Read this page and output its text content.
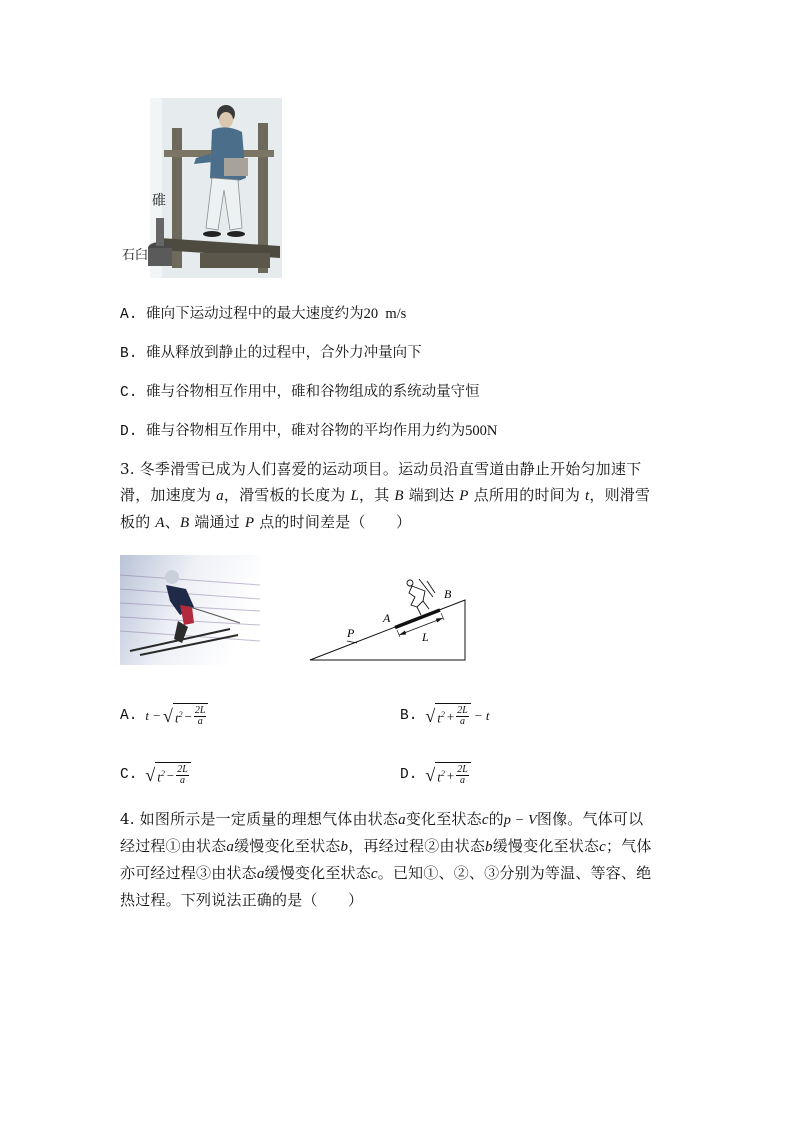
碓
石臼
A. 碓向下运动过程中的最大速度约为20  m/s
B. 碓从释放到静止的过程中，合外力冲量向下
C. 碓与谷物相互作用中，碓和谷物组成的系统动量守恒
D. 碓与谷物相互作用中，碓对谷物的平均作用力约为500N
3. 冬季滑雪已成为人们喜爱的运动项目。运动员沿直雪道由静止开始匀加速下
滑，加速度为 a，滑雪板的长度为 L，其 B 端到达 P 点所用的时间为 t，则滑雪
板的 A、B 端通过 P 点的时间差是（　　）
A
B
L
P
A. t − √ $t^2 - \frac{2L}{a}$	B. √ $t^2 + \frac{2L}{a} - t$
C. √ $t^2 - \frac{2L}{a}$	D. √ $t^2 + \frac{2L}{a}$
4. 如图所示是一定质量的理想气体由状态a变化至状态c的p − V图像。气体可以
经过程①由状态a缓慢变化至状态b，再经过程②由状态b缓慢变化至状态c；气体
亦可经过程③由状态a缓慢变化至状态c。已知①、②、③分别为等温、等容、绝
热过程。下列说法正确的是（　　）
